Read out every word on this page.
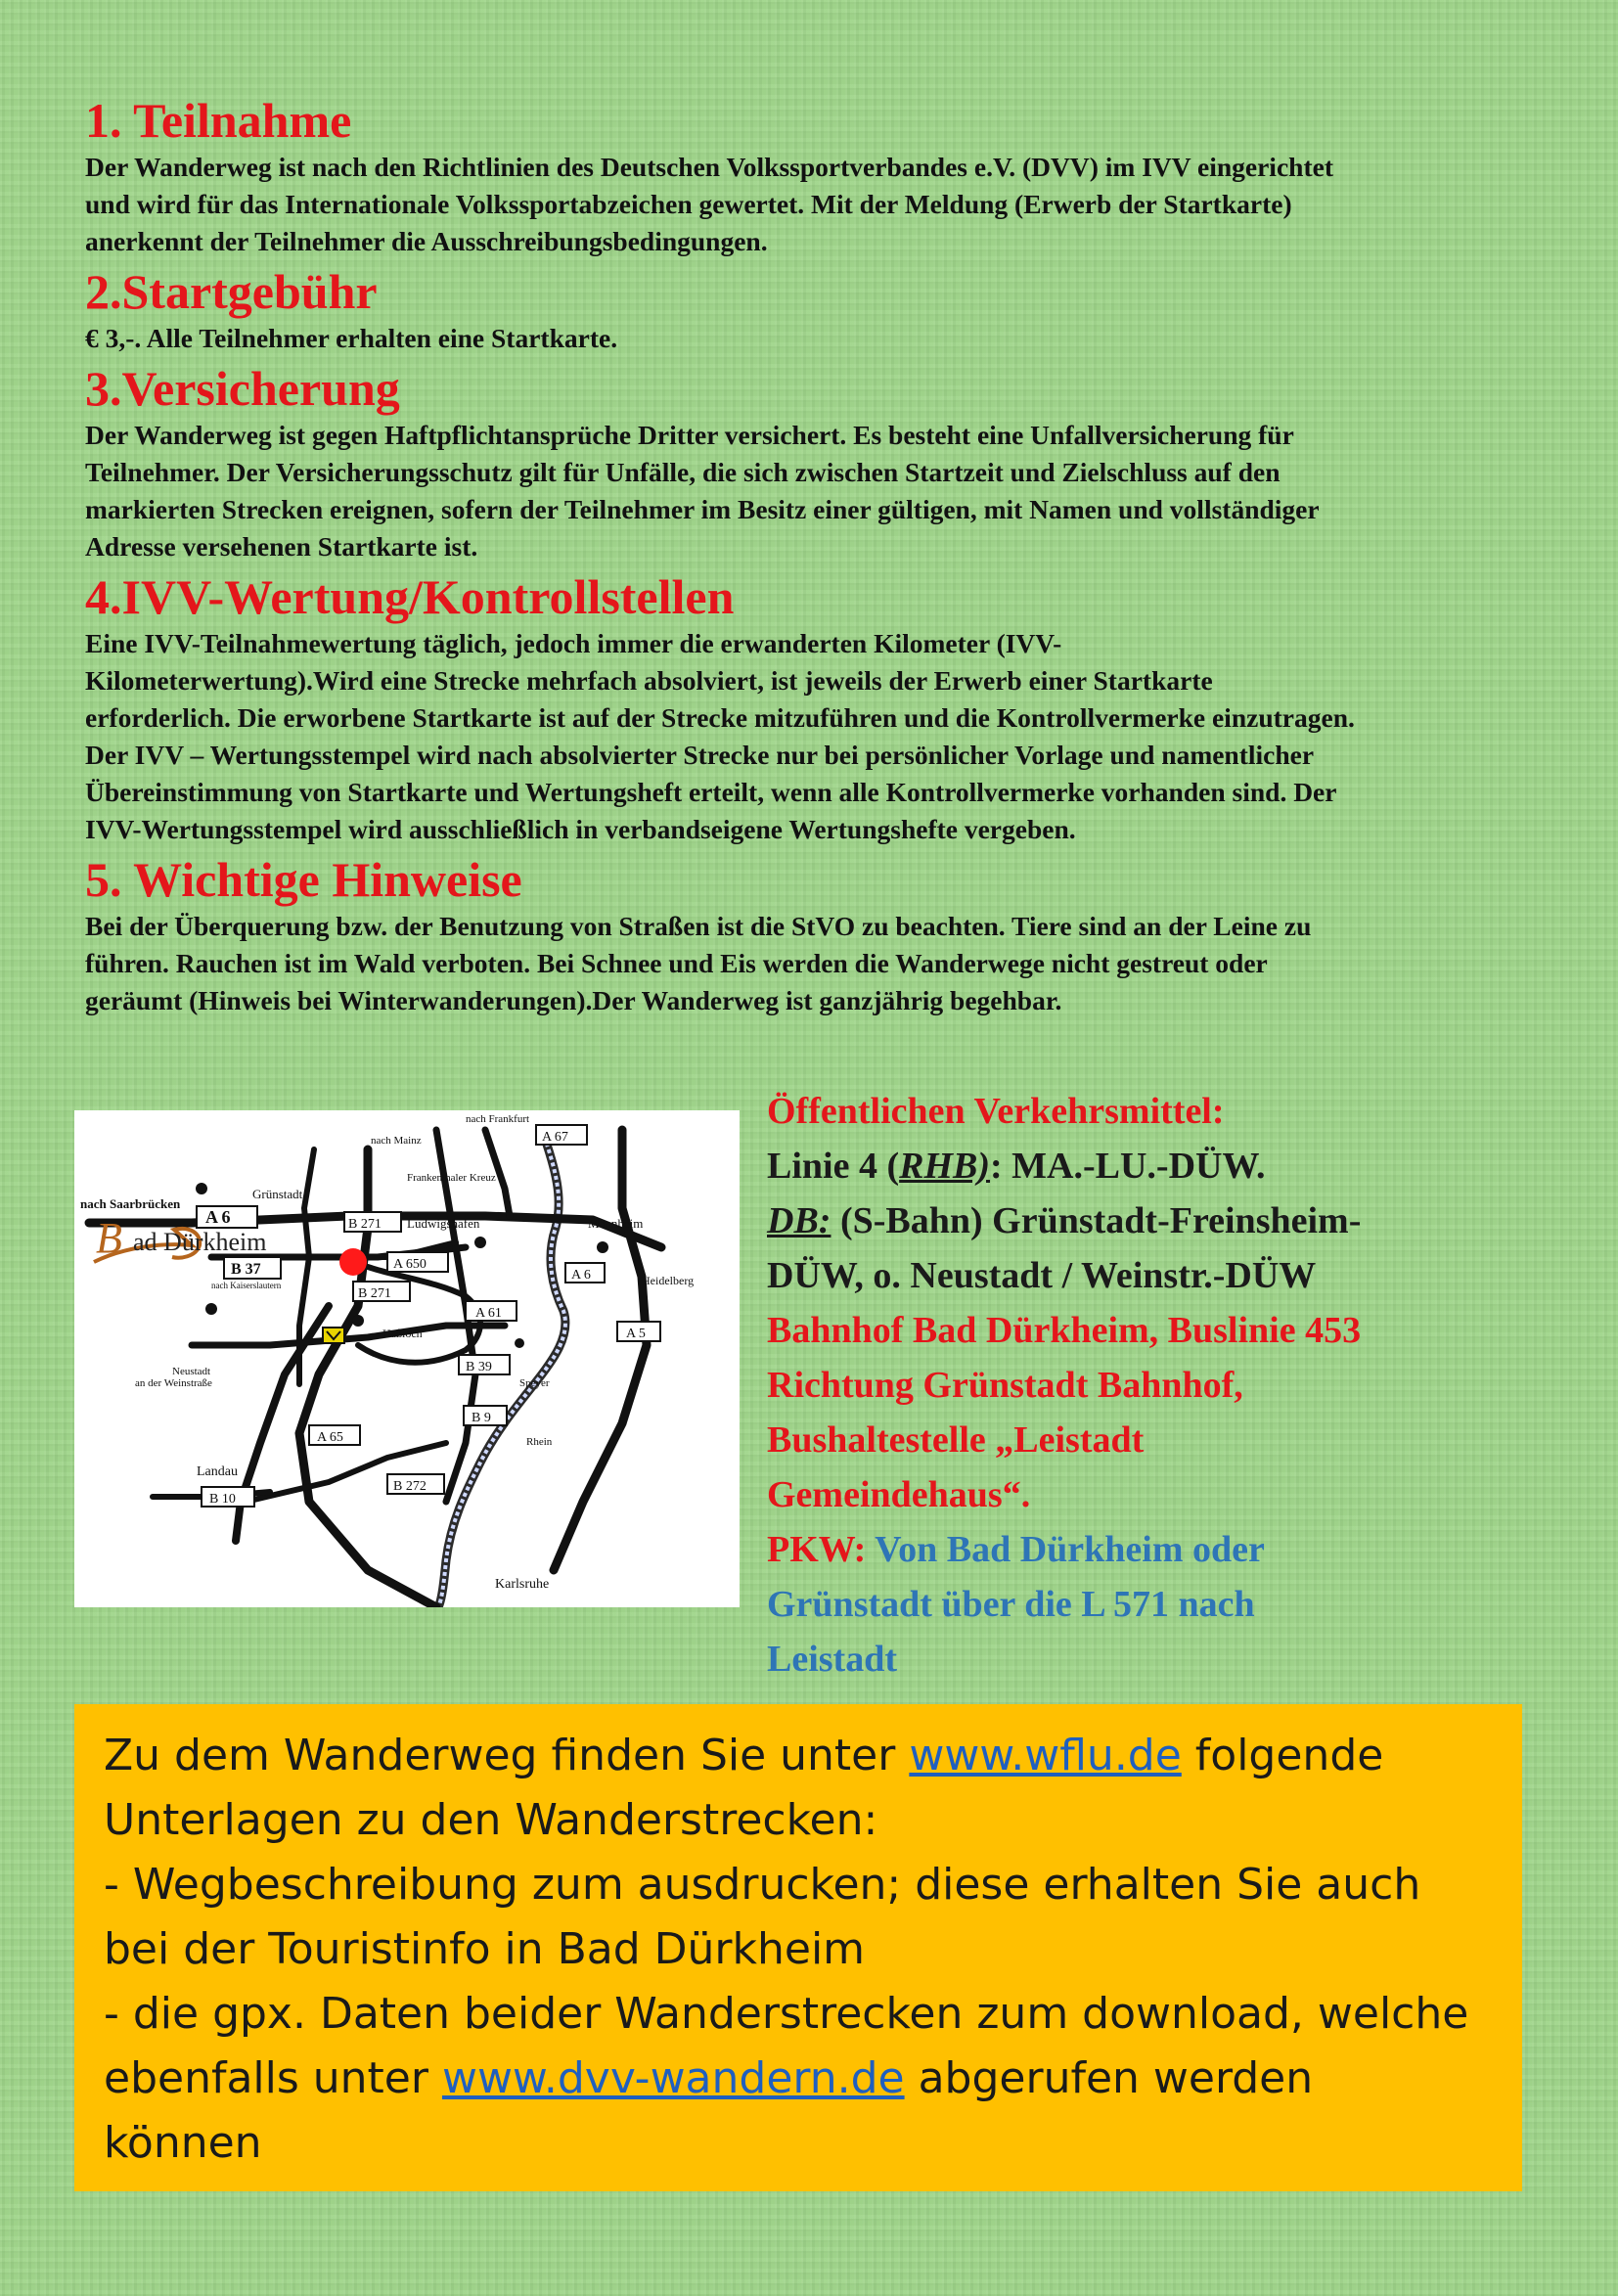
1. Teilnahme

Der Wanderweg ist nach den Richtlinien des Deutschen Volkssportverbandes e.V. (DVV) im IVV eingerichtet
und wird für das Internationale Volkssportabzeichen gewertet. Mit der Meldung (Erwerb der Startkarte)
anerkennt der Teilnehmer die Ausschreibungsbedingungen.

2.Startgebühr

€ 3,-. Alle Teilnehmer erhalten eine Startkarte.

3.Versicherung

Der Wanderweg ist gegen Haftpflichtansprüche Dritter versichert. Es besteht eine Unfallversicherung für
Teilnehmer. Der Versicherungsschutz gilt für Unfälle, die sich zwischen Startzeit und Zielschluss auf den
markierten Strecken ereignen, sofern der Teilnehmer im Besitz einer gültigen, mit Namen und vollständiger
Adresse versehenen Startkarte ist.

4.IVV-Wertung/Kontrollstellen

Eine IVV-Teilnahmewertung täglich, jedoch immer die erwanderten Kilometer (IVV-
Kilometerwertung).Wird eine Strecke mehrfach absolviert, ist jeweils der Erwerb einer Startkarte
erforderlich. Die erworbene Startkarte ist auf der Strecke mitzuführen und die Kontrollvermerke einzutragen.
Der IVV – Wertungsstempel wird nach absolvierter Strecke nur bei persönlicher Vorlage und namentlicher
Übereinstimmung von Startkarte und Wertungsheft erteilt, wenn alle Kontrollvermerke vorhanden sind. Der
IVV-Wertungsstempel wird ausschließlich in verbandseigene Wertungshefte vergeben.

5. Wichtige Hinweise

Bei der Überquerung bzw. der Benutzung von Straßen ist die StVO zu beachten. Tiere sind an der Leine zu
führen. Rauchen ist im Wald verboten. Bei Schnee und Eis werden die Wanderwege nicht gestreut oder
geräumt (Hinweis bei Winterwanderungen).Der Wanderweg ist ganzjährig begehbar.

A 67
A 6	B 271
A 650
B 37
B 271
A 6
A 61
A 5
B 39
B 9
A 65
B 272
B 10
nach Frankfurt
nach Mainz
Frankenthaler Kreuz
nach Saarbrücken
Grünstadt
Ludwigshafen	Mannheim
nach Kaiserslautern	Heidelberg
Haßloch
Neustadt
an der Weinstraße	Speyer
Rhein
Landau
Karlsruhe
B ad Dürkheim
Öffentlichen Verkehrsmittel:
Linie 4 (RHB): MA.-LU.-DÜW.
DB: (S-Bahn) Grünstadt-Freinsheim-
DÜW, o. Neustadt / Weinstr.-DÜW
Bahnhof Bad Dürkheim, Buslinie 453
Richtung Grünstadt Bahnhof,
Bushaltestelle „Leistadt
Gemeindehaus“.
PKW: Von Bad Dürkheim oder
Grünstadt über die L 571 nach
Leistadt
Zu dem Wanderweg finden Sie unter www.wflu.de folgende
Unterlagen zu den Wanderstrecken:
- Wegbeschreibung zum ausdrucken; diese erhalten Sie auch
bei der Touristinfo in Bad Dürkheim
- die gpx. Daten beider Wanderstrecken zum download, welche
ebenfalls unter www.dvv-wandern.de abgerufen werden
können
